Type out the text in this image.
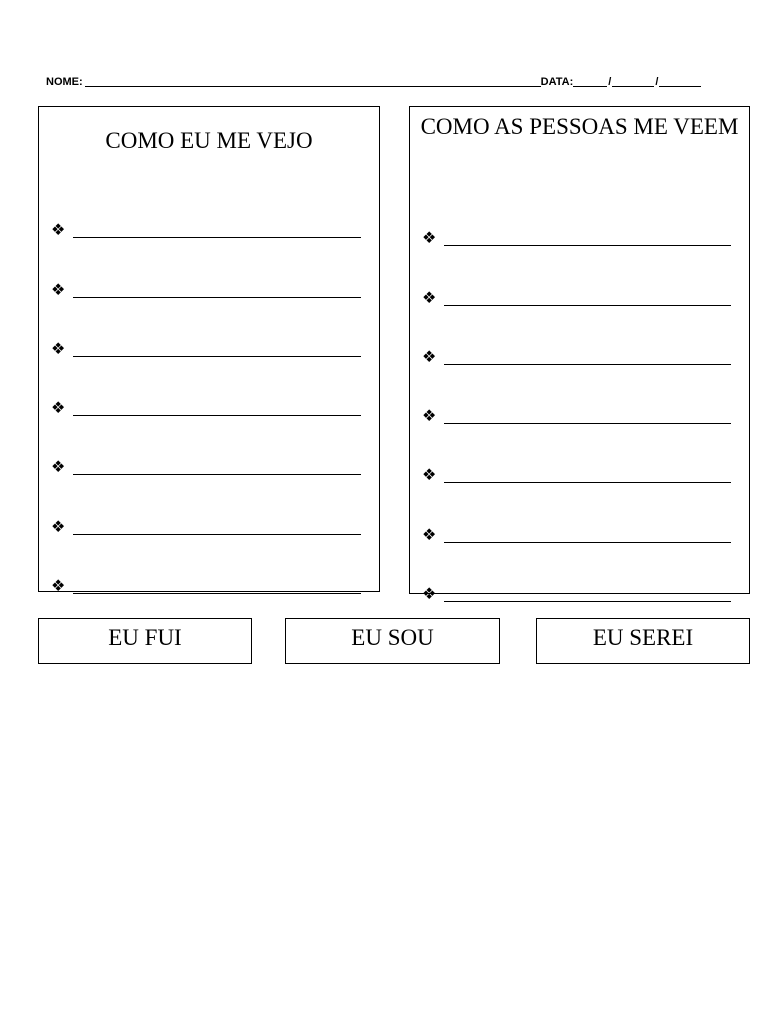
NOME:	DATA:	/	/
COMO EU ME VEJO
❖
❖
❖
❖
❖
❖
❖
COMO AS PESSOAS ME VEEM
❖
❖
❖
❖
❖
❖
❖
EU FUI	EU SOU	EU SEREI
